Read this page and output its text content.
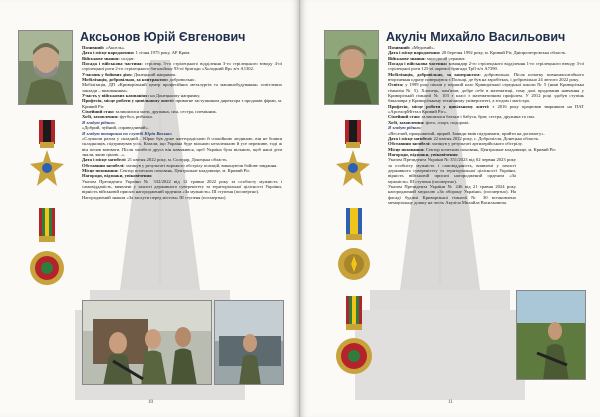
Аксьонов Юрій Євгенович

Позивний: «Аксель».

Дата і місце народження: 1 січня 1975 року, АР Крим.

Військове звання: солдат.

Посада і військова частина: стрілець 3-го стрілецького відділення 3-го стрілецького взводу 4-ої стрілецької роти 2-го стрілецького батальйону 93-ої бригади «Холодний Яр» в/ч А1302.

Учасник у бойових діях: Донецький напрямок.

Мобілізація, добровільно, за контрактом: добровольно.

Мобілізація, ДП «Криворізький центр професійних металургів та машинобудування» освітлених заклади – вихованням».

Участь у військових кампаніях: на Донецькому напрямку.

Професія, місце роботи у цивільному житті: приватне заступником директора з продажів фірми, м. Кривий Ріг.

Сімейний стан: залишилися мати, дружина, син, сестра, племінник.

Хобі, захоплення: футбол, рибалка.

Я згадую рідних:

«Добрий, чуйний, справедливий».

Я згадую товариша по службі Юрія Васьки:

«Служили разом у складній... Юрко був дуже життєрадісною й спокійною людиною, він не боявся складнощів, підтримував усіх. Казали, що Україна буде вільною незалежною й усе переживе, тоді ж він почав воювати. Після загибелі друга він наважився, щоб Україна була вільною, щоб наші діти знали, якою ціною...».

Дата і місце загибелі: 21 квітня 2022 року, м. Соледар, Донецька область.

Обставини загибелі: загинув у результаті ворожого обстрілу позицій, виконуючи бойове завдання.

Місце поховання: Сектор почесних поховань, Центральне кладовище, м. Кривий Ріг.

Нагороди, відзнаки, увіковічення

Указом Президента України № 332/2022 від 12 травня 2022 року за особисту мужність і самовідданість, виявлені у захисті державного суверенітету та територіальної цілісності України, вірність військовій присязі нагороджений орденом «За мужність» III ступеня (посмертно).

Нагороджений знаком «За заслуги перед містом» III ступеня (посмертно).

10
Акуліч Михайло Васильович

Позивний: «Медовий».

Дата і місце народження: 20 березня 1992 року, м. Кривий Ріг, Дніпропетровська область.

Військове звання: молодший сержант.

Посада і військова частина: командир 2-го стрілецького відділення 1-го стрілецького взводу 3-ої стрілецької роти 125-ої окремої бригади ТрО в/ч А7390.

Мобілізація, добровільно, за контрактом: добровольно. Після початку повномасштабного вторгнення одразу повернувся з Польщі, де був на заробітках, і добровільно 24 лютого 2022 року.

Освіта: у 1999 році пішов у перший клас Криворізької середньої школи № 5 (нині Криворізька гімназія № 5). Хлопець, пам'ятав, добре себе в математиці, тому далі продовжив навчання у Криворізькій гімназії № 103 з класі з математичним профілем. У 2012 році здобув ступінь бакалавра у Криворізькому технічному університеті, а згодом і магістра.

Професія, місце роботи у цивільному житті: з 2016 року працював зварником на ПАТ «АрселорМіттал Кривий Ріг».

Сімейний стан: залишилися батьки і бабуся, брат, сестра, дружина та син.

Хобі, захоплення: фото, спорт, подорожі.

Я згадую рідних:

«Веселий, працьовитий, щирий. Завжди вмів підтримати, прийти на допомогу».

Дата і місце загибелі: 22 квітня 2022 року, с. Добропілля, Донецька область.

Обставини загибелі: загинув у результаті артилерійського обстрілу.

Місце поховання: Сектор почесних поховань, Центральне кладовище, м. Кривий Ріг.

Нагороди, відзнаки, увіковічення

Указом Президента України № 351/2023 від 02 червня 2023 року за особисту мужність і самовідданість, виявлені у захисті державного суверенітету та територіальної цілісності України, вірність військовій присязі нагороджений орденом «За мужність» III ступеня (посмертно).

Указом Президента України № 246 від 21 травня 2024 року нагороджений медаллю «За оборону України» (посмертно). На фасаді будівлі Криворізької гімназії № 30 встановлено меморіальну дошку на честь Акуліча Михайла Васильовича.

11
